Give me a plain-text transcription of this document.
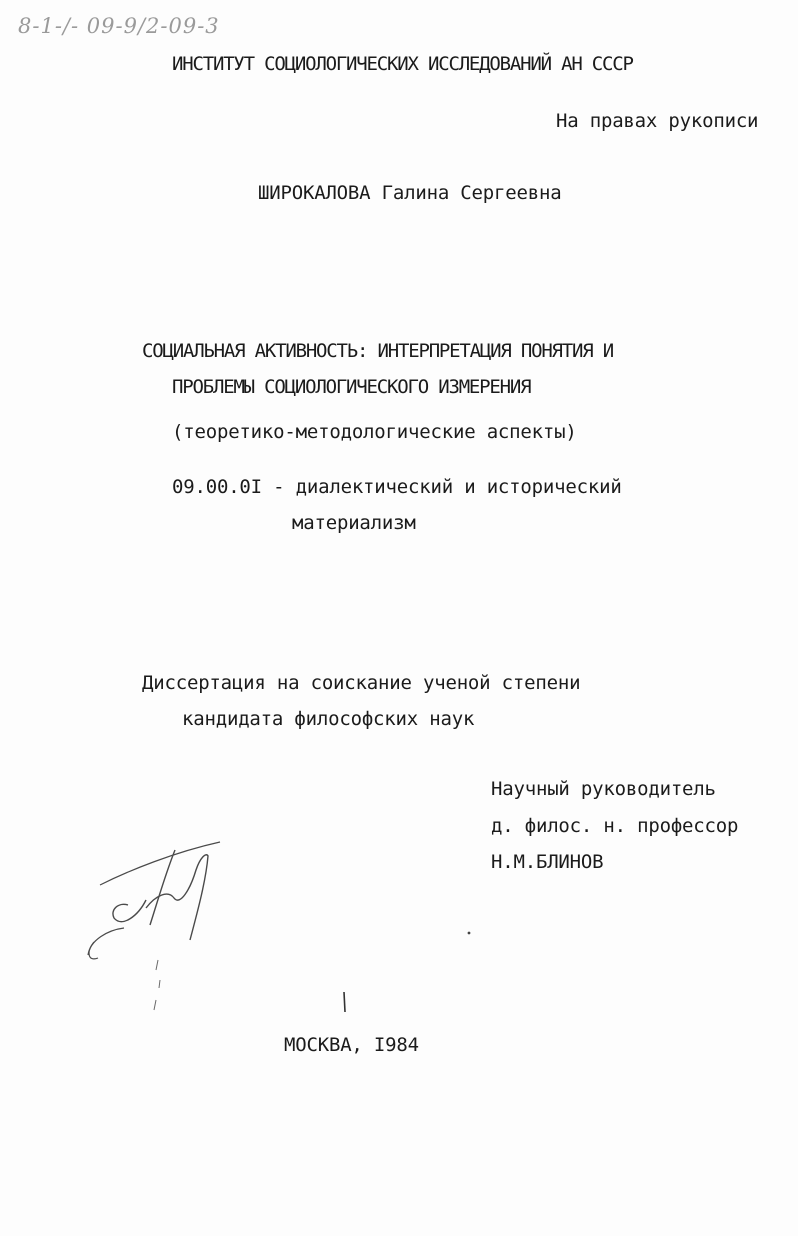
8-1-/- 09-9/2-09-3
ИНСТИТУТ СОЦИОЛОГИЧЕСКИХ ИССЛЕДОВАНИЙ АН СССР
На правах рукописи
ШИРОКАЛОВА Галина Сергеевна
СОЦИАЛЬНАЯ АКТИВНОСТЬ: ИНТЕРПРЕТАЦИЯ ПОНЯТИЯ И
ПРОБЛЕМЫ СОЦИОЛОГИЧЕСКОГО ИЗМЕРЕНИЯ
(теоретико-методологические аспекты)
09.00.0I - диалектический и исторический
материализм
Диссертация на соискание ученой степени
кандидата философских наук
Научный руководитель
д. филос. н. профессор
Н.М.БЛИНОВ
МОСКВА, I984
